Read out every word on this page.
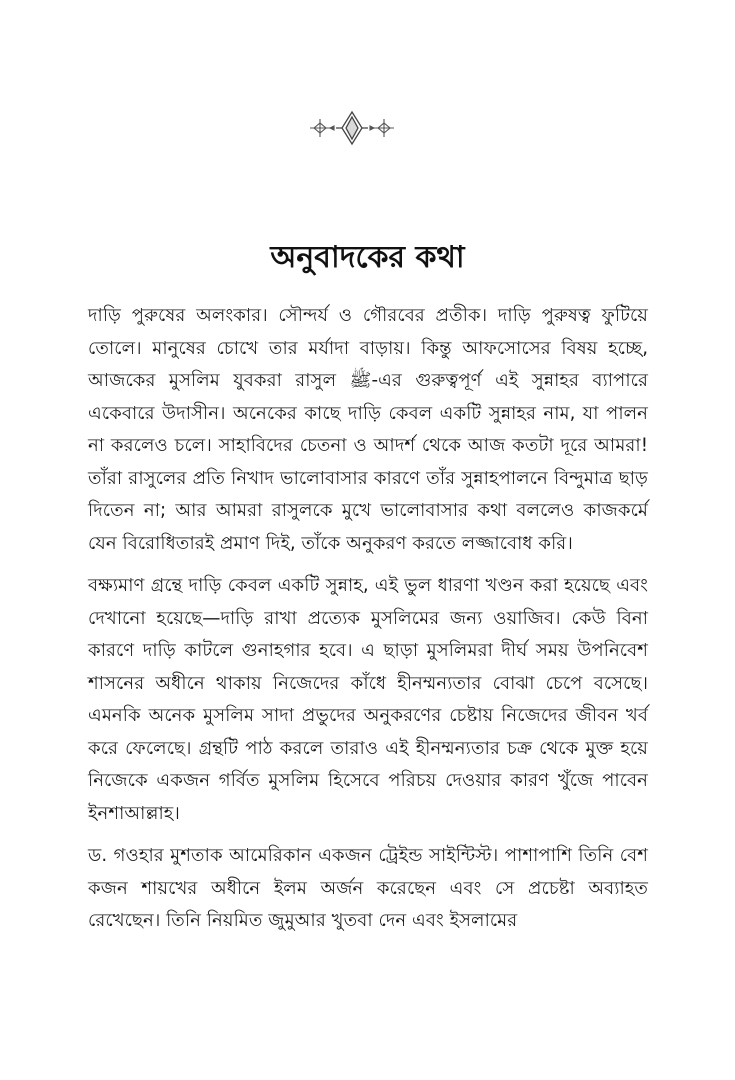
অনুবাদকের কথা

দাড়ি পুরুষের অলংকার। সৌন্দর্য ও গৌরবের প্রতীক। দাড়ি পুরুষত্ব ফুটিয়ে তোলে। মানুষের চোখে তার মর্যাদা বাড়ায়। কিন্তু আফসোসের বিষয় হচ্ছে, আজকের মুসলিম যুবকরা রাসুল ﷺ-এর গুরুত্বপূর্ণ এই সুন্নাহর ব্যাপারে একেবারে উদাসীন। অনেকের কাছে দাড়ি কেবল একটি সুন্নাহর নাম, যা পালন না করলেও চলে। সাহাবিদের চেতনা ও আদর্শ থেকে আজ কতটা দূরে আমরা! তাঁরা রাসুলের প্রতি নিখাদ ভালোবাসার কারণে তাঁর সুন্নাহপালনে বিন্দুমাত্র ছাড় দিতেন না; আর আমরা রাসুলকে মুখে ভালোবাসার কথা বললেও কাজকর্মে যেন বিরোধিতারই প্রমাণ দিই, তাঁকে অনুকরণ করতে লজ্জাবোধ করি।

বক্ষ্যমাণ গ্রন্থে দাড়ি কেবল একটি সুন্নাহ, এই ভুল ধারণা খণ্ডন করা হয়েছে এবং দেখানো হয়েছে—দাড়ি রাখা প্রত্যেক মুসলিমের জন্য ওয়াজিব। কেউ বিনা কারণে দাড়ি কাটলে গুনাহগার হবে। এ ছাড়া মুসলিমরা দীর্ঘ সময় উপনিবেশ শাসনের অধীনে থাকায় নিজেদের কাঁধে হীনম্মন্যতার বোঝা চেপে বসেছে। এমনকি অনেক মুসলিম সাদা প্রভুদের অনুকরণের চেষ্টায় নিজেদের জীবন খর্ব করে ফেলেছে। গ্রন্থটি পাঠ করলে তারাও এই হীনম্মন্যতার চক্র থেকে মুক্ত হয়ে নিজেকে একজন গর্বিত মুসলিম হিসেবে পরিচয় দেওয়ার কারণ খুঁজে পাবেন ইনশাআল্লাহ।

ড. গওহার মুশতাক আমেরিকান একজন ট্রেইন্ড সাইন্টিস্ট। পাশাপাশি তিনি বেশ কজন শায়খের অধীনে ইলম অর্জন করেছেন এবং সে প্রচেষ্টা অব্যাহত রেখেছেন। তিনি নিয়মিত জুমুআর খুতবা দেন এবং ইসলামের
